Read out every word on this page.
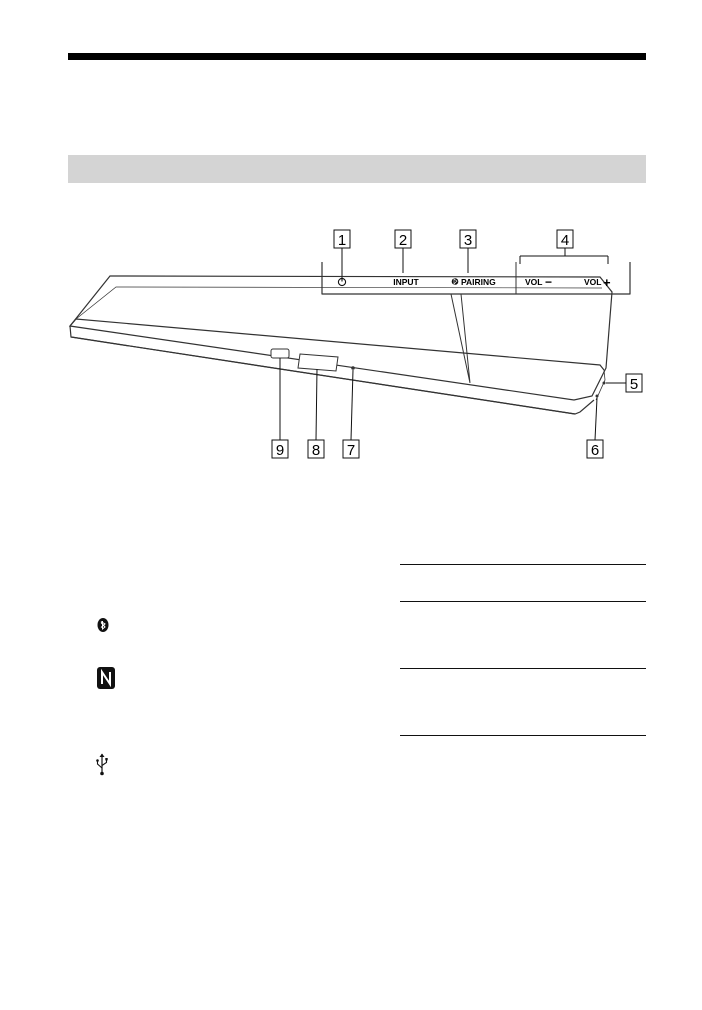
INPUT	PAIRING	VOL −	VOL +
1	2	3	4
5
6
7
8
9
